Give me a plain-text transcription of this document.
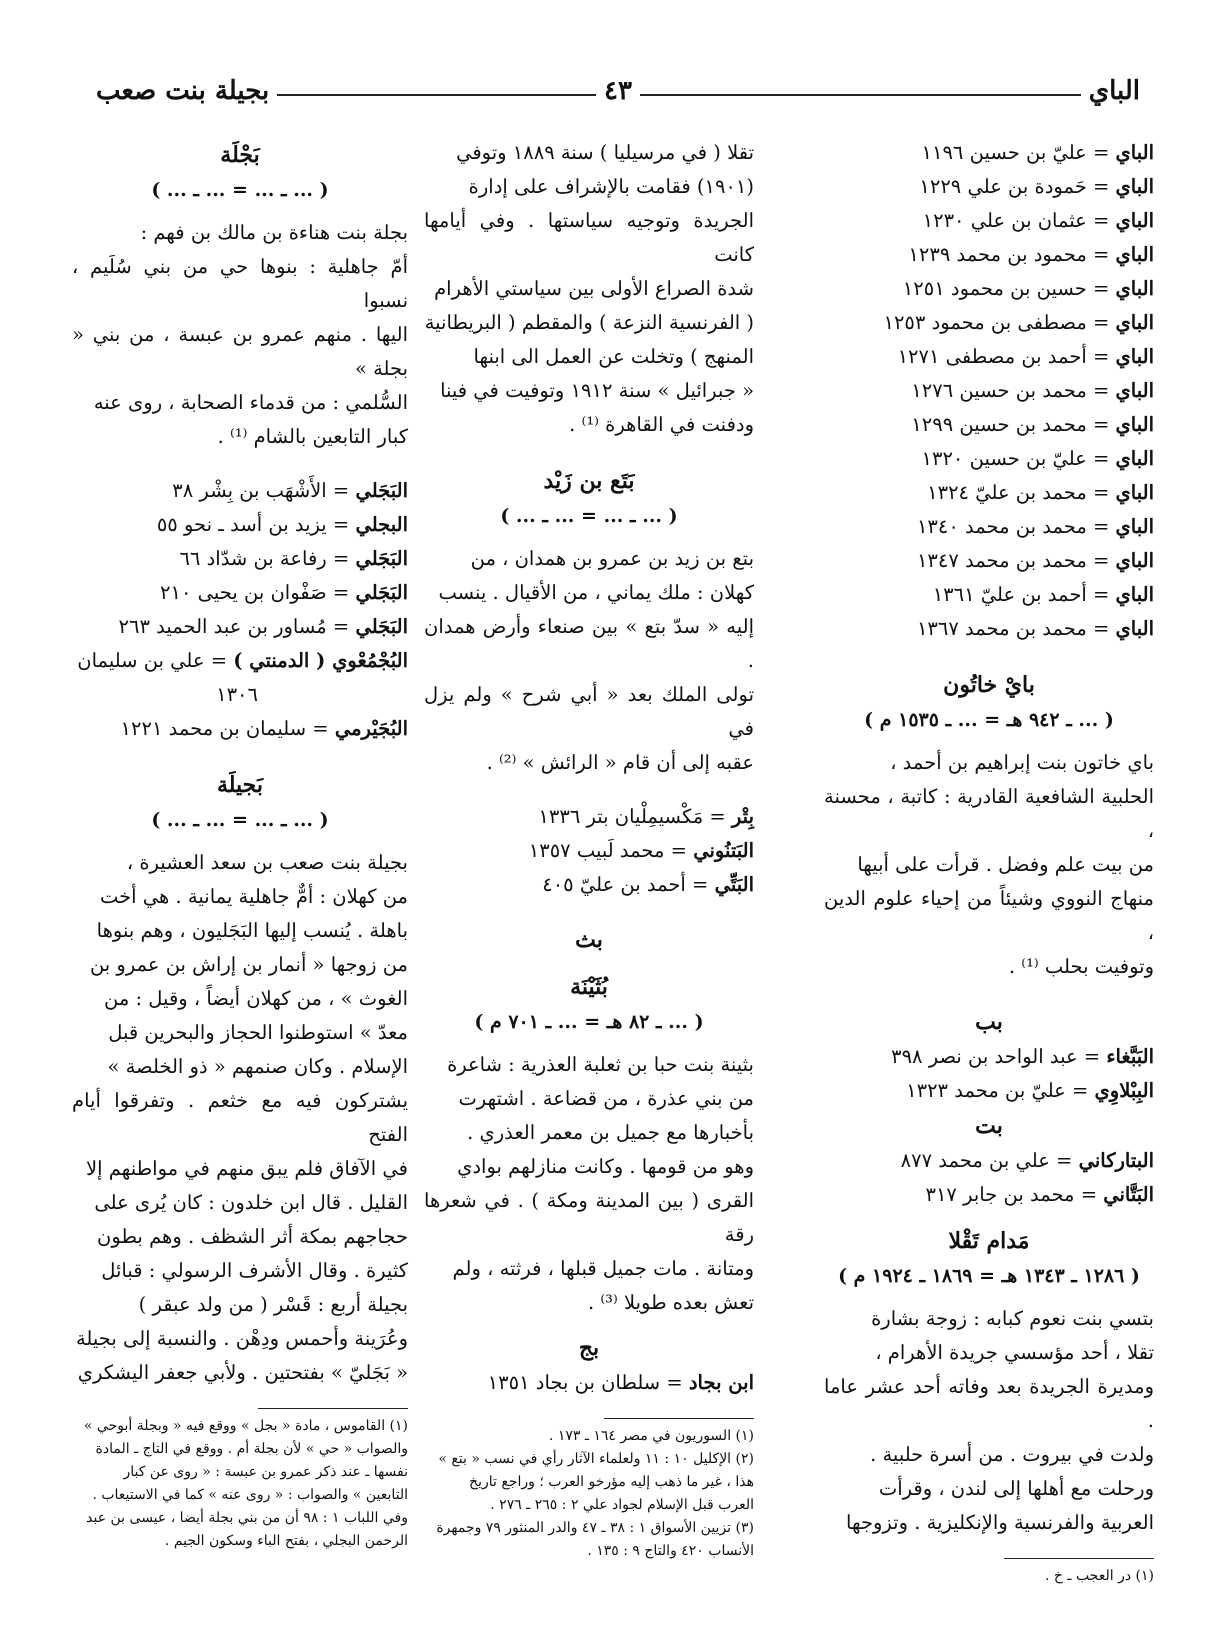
الباي
٤٣
بجيلة بنت صعب
الباي = عليّ بن حسين ١١٩٦
الباي = حَمودة بن علي ١٢٢٩
الباي = عثمان بن علي ١٢٣٠
الباي = محمود بن محمد ١٢٣٩
الباي = حسين بن محمود ١٢٥١
الباي = مصطفى بن محمود ١٢٥٣
الباي = أحمد بن مصطفى ١٢٧١
الباي = محمد بن حسين ١٢٧٦
الباي = محمد بن حسين ١٢٩٩
الباي = عليّ بن حسين ١٣٢٠
الباي = محمد بن عليّ ١٣٢٤
الباي = محمد بن محمد ١٣٤٠
الباي = محمد بن محمد ١٣٤٧
الباي = أحمد بن عليّ ١٣٦١
الباي = محمد بن محمد ١٣٦٧
بايْ خاتُون
( ... ـ ٩٤٢ هـ = ... ـ ١٥٣٥ م )
باي خاتون بنت إبراهيم بن أحمد ،
الحلبية الشافعية القادرية : كاتبة ، محسنة ،
من بيت علم وفضل . قرأت على أبيها
منهاج النووي وشيئاً من إحياء علوم الدين ،
وتوفيت بحلب ⁽¹⁾ .
بب
البَبَّغاء = عبد الواحد بن نصر ٣٩٨
البِبْلاوِي = عليّ بن محمد ١٣٢٣
بت
البتاركاني = علي بن محمد ٨٧٧
البَتَّاني = محمد بن جابر ٣١٧
مَدام تَقْلا
( ١٢٨٦ ـ ١٣٤٣ هـ = ١٨٦٩ ـ ١٩٢٤ م )
بتسي بنت نعوم كبابه : زوجة بشارة
تقلا ، أحد مؤسسي جريدة الأهرام ،
ومديرة الجريدة بعد وفاته أحد عشر عاما .
ولدت في بيروت . من أسرة حلبية .
ورحلت مع أهلها إلى لندن ، وقرأت
العربية والفرنسية والإنكليزية . وتزوجها
(١) در العجب ـ خ .
تقلا ( في مرسيليا ) سنة ١٨٨٩ وتوفي
(١٩٠١) فقامت بالإشراف على إدارة
الجريدة وتوجيه سياستها . وفي أيامها كانت
شدة الصراع الأولى بين سياستي الأهرام
( الفرنسية النزعة ) والمقطم ( البريطانية
المنهج ) وتخلت عن العمل الى ابنها
« جبرائيل » سنة ١٩١٢ وتوفيت في فينا
ودفنت في القاهرة ⁽¹⁾ .
بَتَع بن زَيْد
( ... ـ ... = ... ـ ... )
بتع بن زيد بن عمرو بن همدان ، من
كهلان : ملك يماني ، من الأقيال . ينسب
إليه « سدّ بتع » بين صنعاء وأرض همدان .
تولى الملك بعد « أبي شرح » ولم يزل في
عقبه إلى أن قام « الرائش » ⁽²⁾ .
بِتْر = مَكْسيمِلْيان بتر ١٣٣٦
البَتنُوني = محمد لَبيب ١٣٥٧
البَتِّي = أحمد بن عليّ ٤٠٥
بث
بُثَيْنَة
( ... ـ ٨٢ هـ = ... ـ ٧٠١ م )
بثينة بنت حبا بن ثعلبة العذرية : شاعرة
من بني عذرة ، من قضاعة . اشتهرت
بأخبارها مع جميل بن معمر العذري .
وهو من قومها . وكانت منازلهم بوادي
القرى ( بين المدينة ومكة ) . في شعرها رقة
ومتانة . مات جميل قبلها ، فرثته ، ولم
تعش بعده طويلا ⁽³⁾ .
بج
ابن بجاد = سلطان بن بجاد ١٣٥١
(١) السوريون في مصر ١٦٤ ـ ١٧٣ .
(٢) الإكليل ١٠ : ١١ ولعلماء الآثار رأي في نسب « بتع »
هذا ، غير ما ذهب إليه مؤرخو العرب ؛ وراجع تاريخ
العرب قبل الإسلام لجواد علي ٢ : ٢٦٥ ـ ٢٧٦ .
(٣) تزيين الأسواق ١ : ٣٨ ـ ٤٧ والدر المنثور ٧٩ وجمهرة
الأنساب ٤٢٠ والتاج ٩ : ١٣٥ .
بَجْلَة
( ... ـ ... = ... ـ ... )
بجلة بنت هناءة بن مالك بن فهم :
أمّ جاهلية : بنوها حي من بني سُلَيم ، نسبوا
اليها . منهم عمرو بن عبسة ، من بني « بجلة »
السُّلمي : من قدماء الصحابة ، روى عنه
كبار التابعين بالشام ⁽¹⁾ .
البَجَلي = الأَشْهَب بن بِشْر ٣٨
البجلي = يزيد بن أسد ـ نحو ٥٥
البَجَلي = رفاعة بن شدّاد ٦٦
البَجَلي = صَفْوان بن يحيى ٢١٠
البَجَلي = مُساور بن عبد الحميد ٢٦٣
البُجْمُعْوي ( الدمنتي ) = علي بن سليمان
١٣٠٦
البُجَيْرمي = سليمان بن محمد ١٢٢١
بَجيلَة
( ... ـ ... = ... ـ ... )
بجيلة بنت صعب بن سعد العشيرة ،
من كهلان : أمٌّ جاهلية يمانية . هي أخت
باهلة . يُنسب إليها البَجَليون ، وهم بنوها
من زوجها « أنمار بن إراش بن عمرو بن
الغوث » ، من كهلان أيضاً ، وقيل : من
معدّ » استوطنوا الحجاز والبحرين قبل
الإسلام . وكان صنمهم « ذو الخلصة »
يشتركون فيه مع خثعم . وتفرقوا أيام الفتح
في الآفاق فلم يبق منهم في مواطنهم إلا
القليل . قال ابن خلدون : كان يُرى على
حجاجهم بمكة أثر الشظف . وهم بطون
كثيرة . وقال الأشرف الرسولي : قبائل
بجيلة أربع : قَسْر ( من ولد عبقر )
وعُرَينة وأحمس ودِهْن . والنسبة إلى بجيلة
« بَجَليّ » بفتحتين . ولأبي جعفر اليشكري
(١) القاموس ، مادة « بجل » ووقع فيه « وبجلة أبوحي »
والصواب « حي » لأن بجلة أم . ووقع في التاج ـ المادة
نفسها ـ عند ذكر عمرو بن عبسة : « روى عن كبار
التابعين » والصواب : « روى عنه » كما في الاستيعاب .
وفي اللباب ١ : ٩٨ أن من بني بجلة أيضا ، عيسى بن عبد
الرحمن البجلي ، بفتح الباء وسكون الجيم .
